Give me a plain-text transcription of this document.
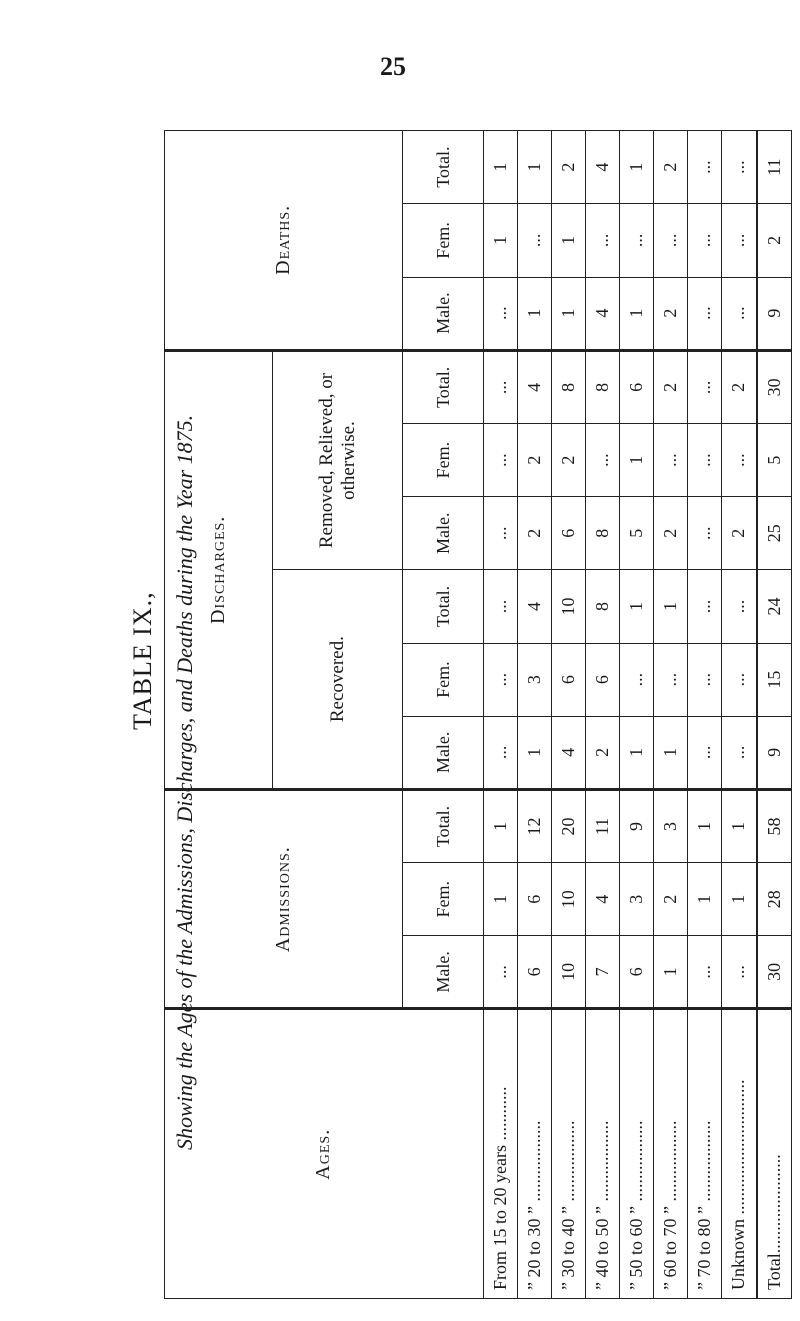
25
TABLE IX., Showing the Ages of the Admissions, Discharges, and Deaths during the Year 1875.
Ages.	Admissions.			Discharges.						Deaths.		
				Recovered.			Removed, Relieved, or otherwise.					
	Male.	Fem.	Total.	Male.	Fem.	Total.	Male.	Fem.	Total.	Male.	Fem.	Total.
From 15 to 20 years ............	...	1	1	...	...	...	...	...	...	...	1	1
” 20 to 30 ” ..................	6	6	12	1	3	4	2	2	4	1	...	1
” 30 to 40 ” ..................	10	10	20	4	6	10	6	2	8	1	1	2
” 40 to 50 ” ..................	7	4	11	2	6	8	8	...	8	4	...	4
” 50 to 60 ” ..................	6	3	9	1	...	1	5	1	6	1	...	1
” 60 to 70 ” ..................	1	2	3	1	...	1	2	...	2	2	...	2
” 70 to 80 ” ..................	...	1	1	...	...	...	...	...	...	...	...	...
Unknown ..............................	...	1	1	...	...	...	2	...	2	...	...	...
Total......................	30	28	58	9	15	24	25	5	30	9	2	11
